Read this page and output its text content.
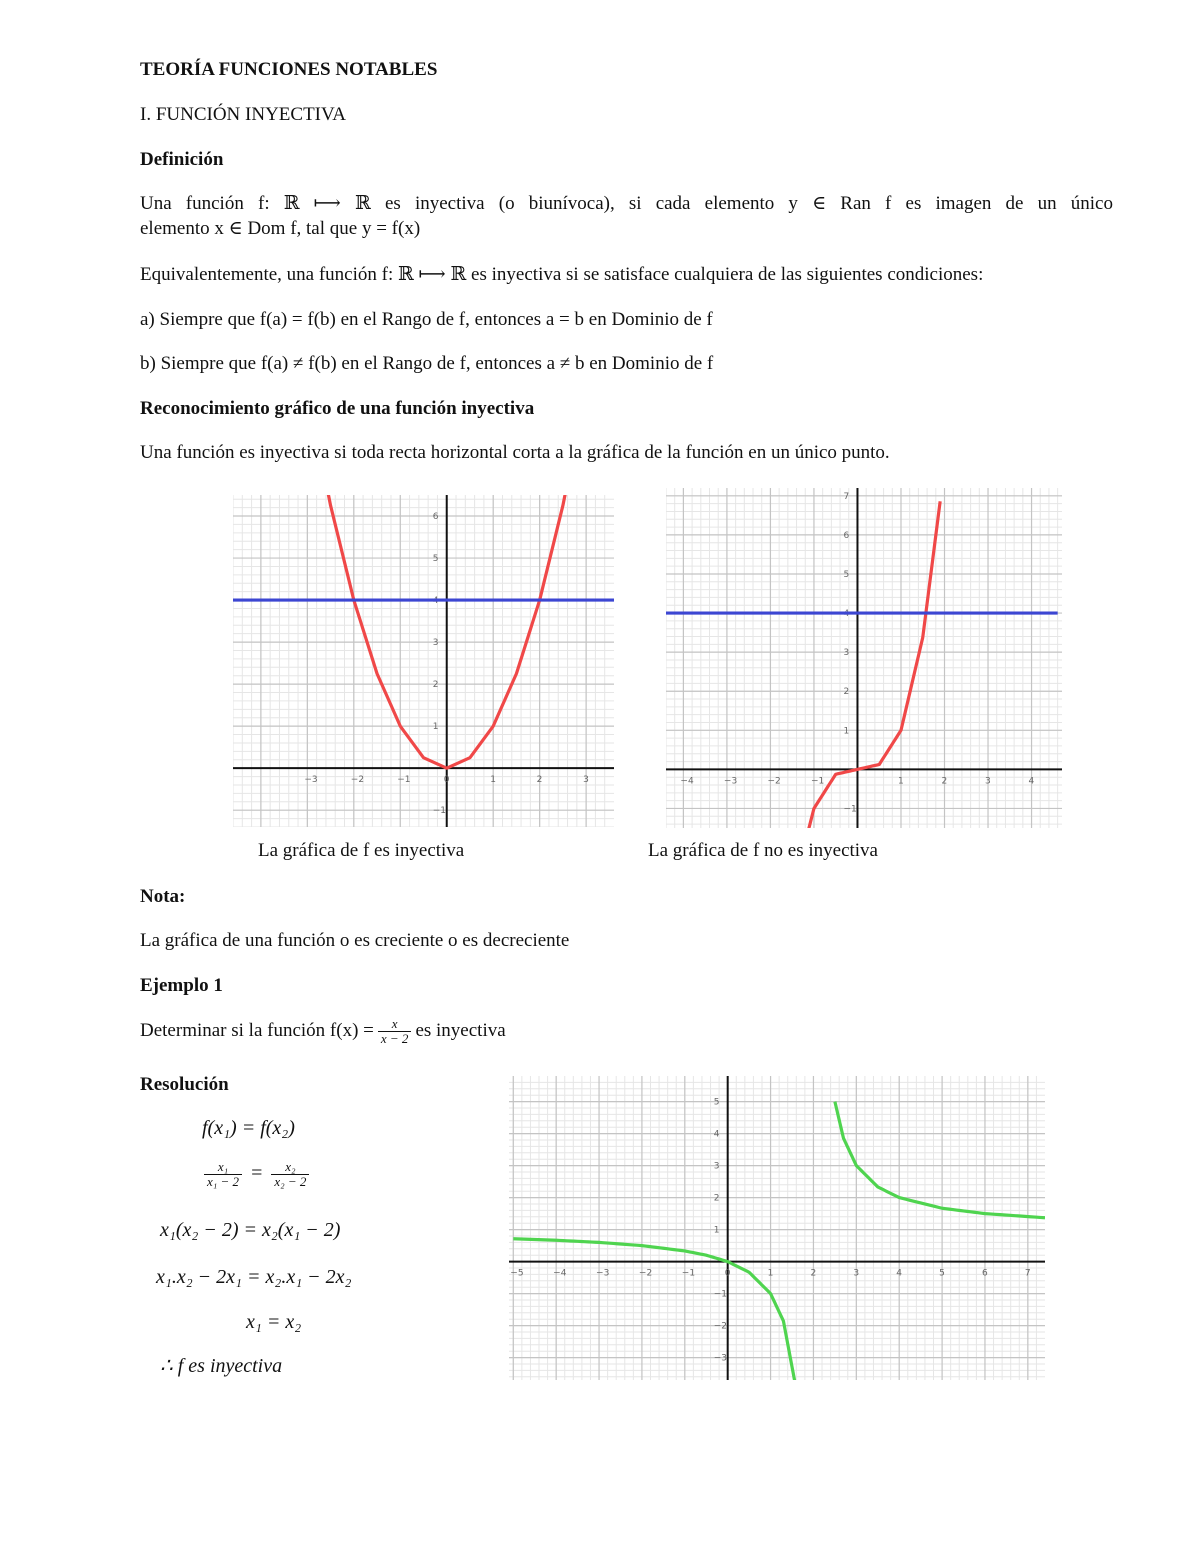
TEORÍA FUNCIONES NOTABLES
I. FUNCIÓN INYECTIVA
Definición
Una función f: ℝ ⟼ ℝ es inyectiva (o biunívoca), si cada elemento y ∈ Ran f es imagen de un único
elemento x ∈ Dom f, tal que y = f(x)
Equivalentemente, una función f: ℝ ⟼ ℝ es inyectiva si se satisface cualquiera de las siguientes condiciones:
a) Siempre que f(a) = f(b) en el Rango de f, entonces a = b en Dominio de f
b) Siempre que f(a) ≠ f(b) en el Rango de f, entonces a ≠ b en Dominio de f
Reconocimiento gráfico de una función inyectiva
Una función es inyectiva si toda recta horizontal corta a la gráfica de la función en un único punto.
−3	−2	−1	0	1	2	3
−1
1
2
3
4
5
6
−4	−3	−2	−1	1	2	3	4
−1
1
2
3
4
5
6
7
La gráfica de f es inyectiva	La gráfica de f no es inyectiva
Nota:
La gráfica de una función o es creciente o es decreciente
Ejemplo 1
Determinar si la función $f(x) = \frac{x}{x - 2}$ es inyectiva
Resolución
f(x₁) = f(x₂)
$\frac{\text{x₁}}{\text{x₁ − 2}} = \frac{\text{x₂}}{\text{x₂ − 2}}$
x₁(x₂ − 2) = x₂(x₁ − 2)
x₁.x₂ − 2x₁ = x₂.x₁ − 2x₂
x₁ = x₂
∴ f es inyectiva
−5	−4	−3	−2	−1	0	1	2	3	4	5	6	7
−3
−2
−1
1
2
3
4
5
